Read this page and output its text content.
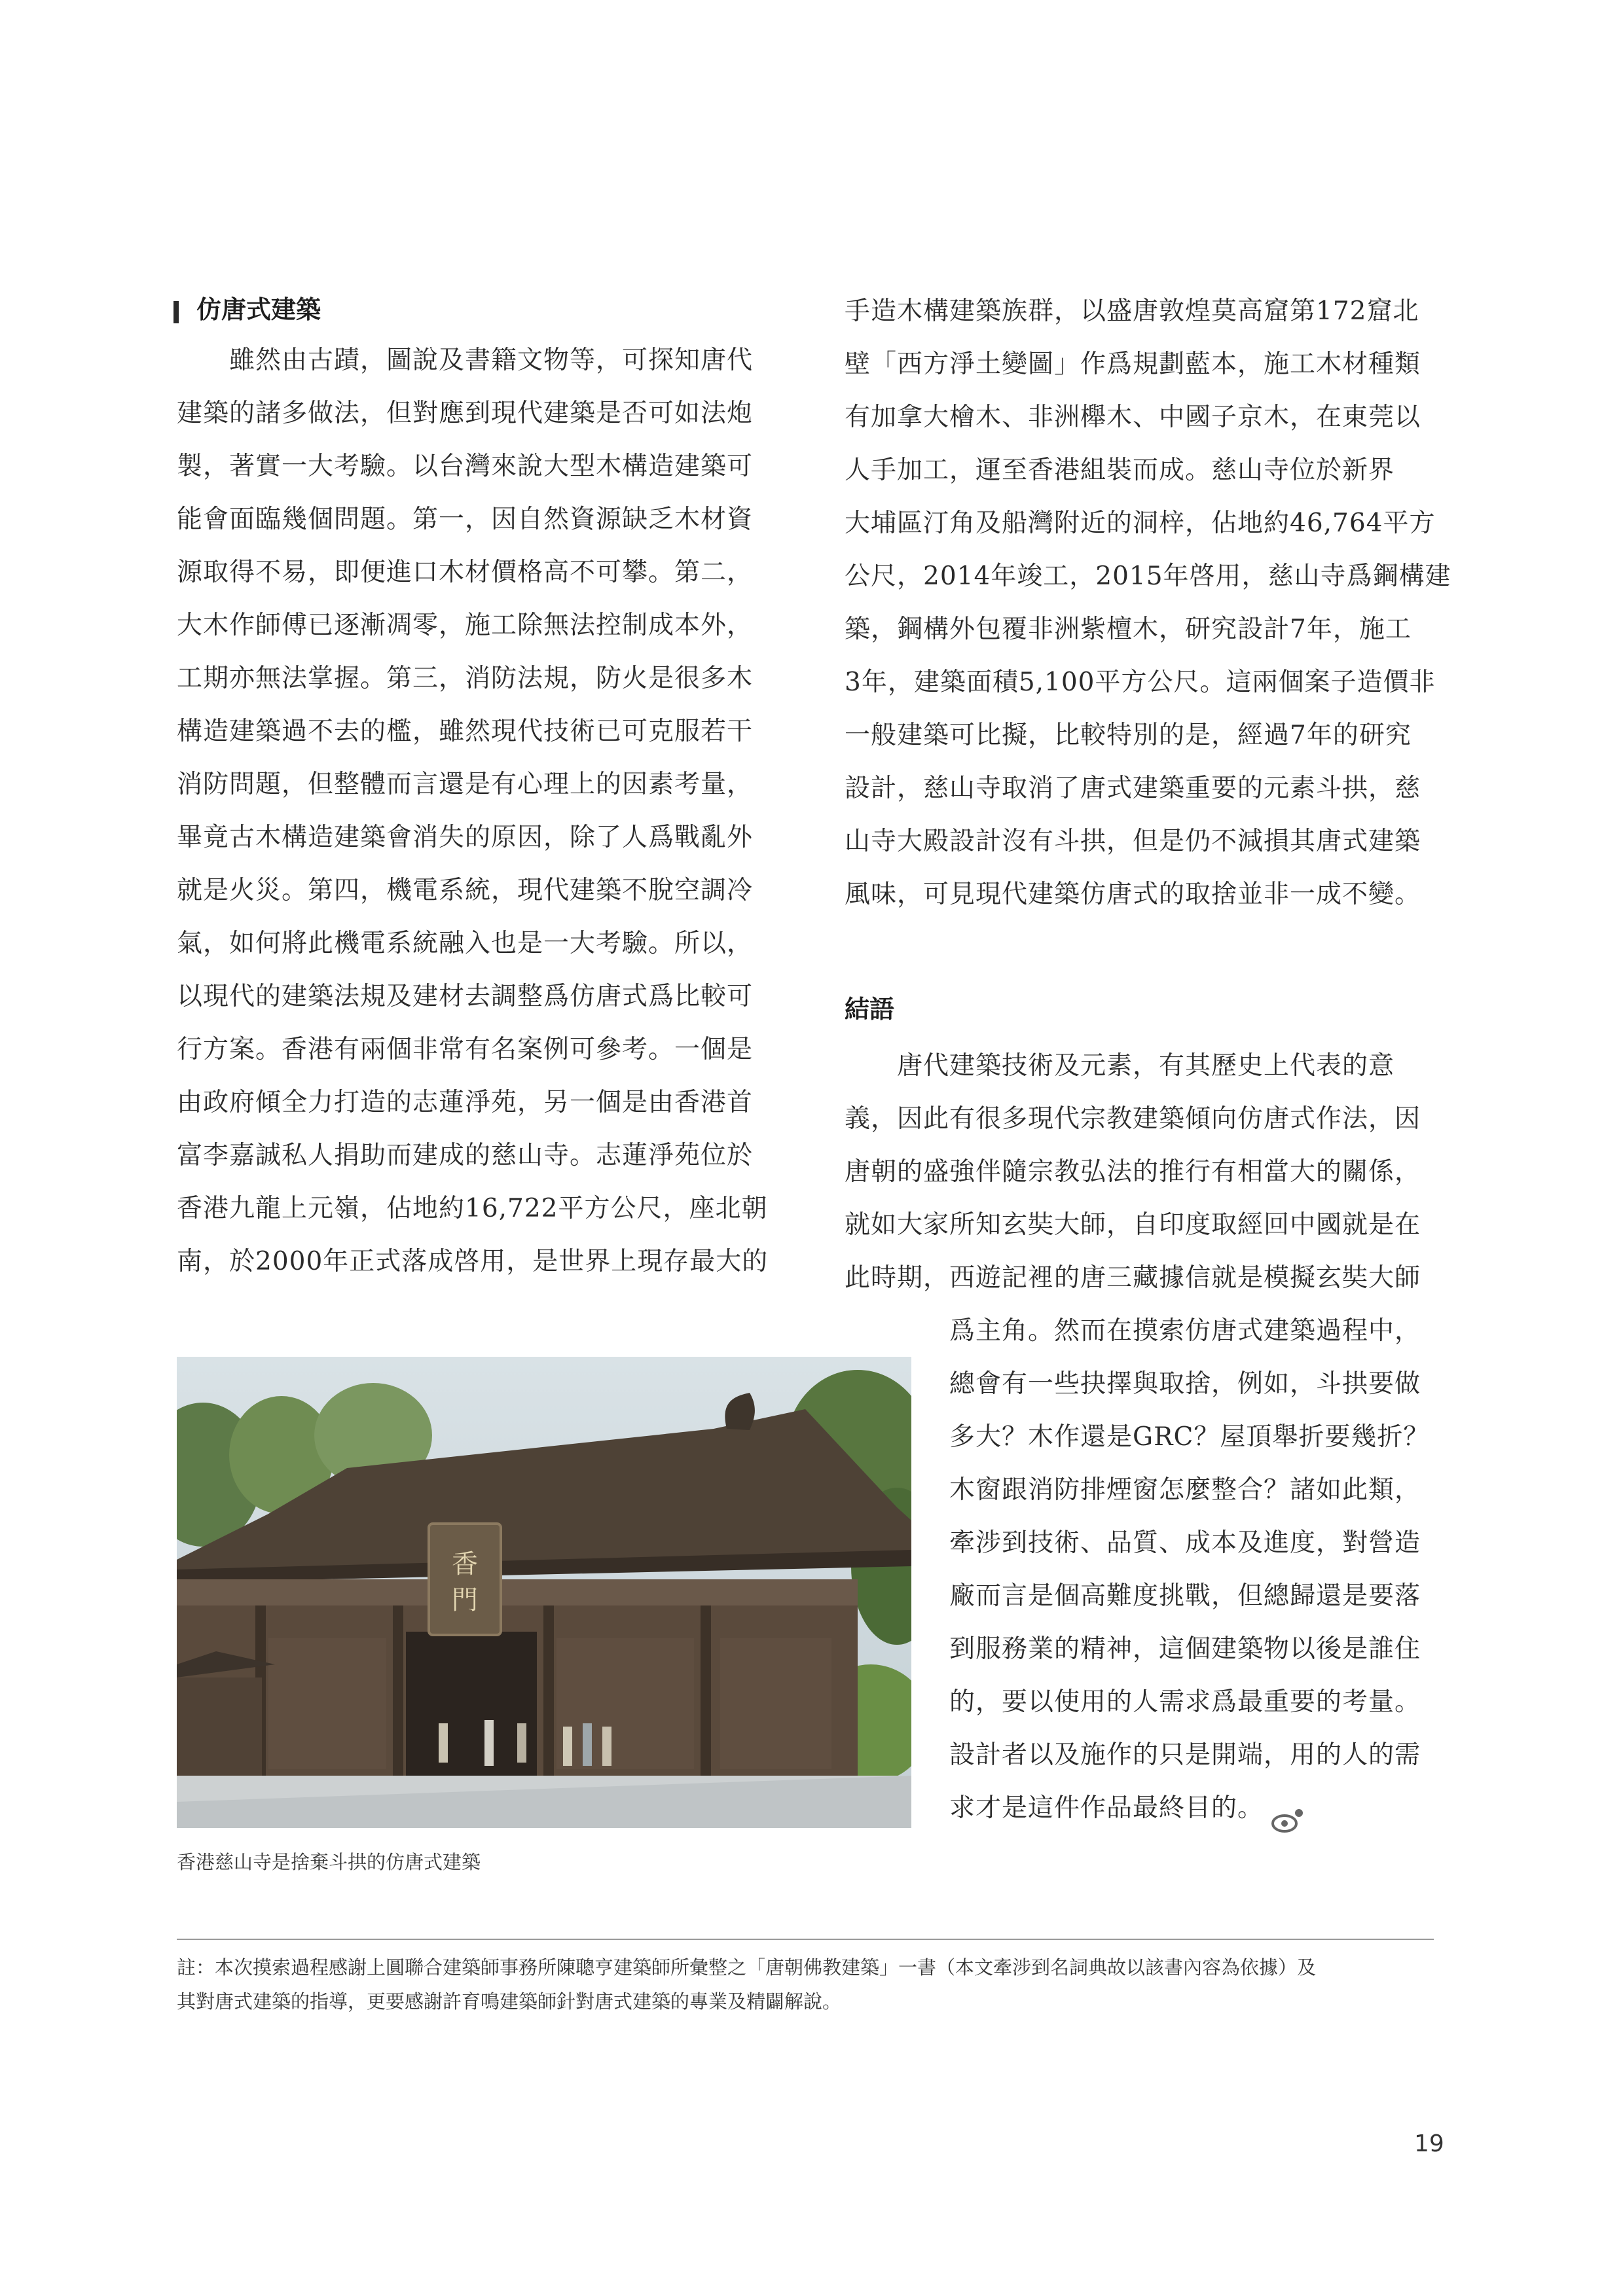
仿唐式建築
　　雖然由古蹟，圖說及書籍文物等，可探知唐代
建築的諸多做法，但對應到現代建築是否可如法炮
製，著實一大考驗。以台灣來說大型木構造建築可
能會面臨幾個問題。第一，因自然資源缺乏木材資
源取得不易，即便進口木材價格高不可攀。第二，
大木作師傅已逐漸凋零，施工除無法控制成本外，
工期亦無法掌握。第三，消防法規，防火是很多木
構造建築過不去的檻，雖然現代技術已可克服若干
消防問題，但整體而言還是有心理上的因素考量，
畢竟古木構造建築會消失的原因，除了人爲戰亂外
就是火災。第四，機電系統，現代建築不脫空調冷
氣，如何將此機電系統融入也是一大考驗。所以，
以現代的建築法規及建材去調整爲仿唐式爲比較可
行方案。香港有兩個非常有名案例可參考。一個是
由政府傾全力打造的志蓮淨苑，另一個是由香港首
富李嘉誠私人捐助而建成的慈山寺。志蓮淨苑位於
香港九龍上元嶺，佔地約16,722平方公尺，座北朝
南，於2000年正式落成啓用，是世界上現存最大的
手造木構建築族群，以盛唐敦煌莫高窟第172窟北
壁「西方淨土變圖」作爲規劃藍本，施工木材種類
有加拿大檜木、非洲櫸木、中國子京木，在東莞以
人手加工，運至香港組裝而成。慈山寺位於新界
大埔區汀角及船灣附近的洞梓，佔地約46,764平方
公尺，2014年竣工，2015年啓用，慈山寺爲鋼構建
築，鋼構外包覆非洲紫檀木，研究設計7年，施工
3年，建築面積5,100平方公尺。這兩個案子造價非
一般建築可比擬，比較特別的是，經過7年的研究
設計，慈山寺取消了唐式建築重要的元素斗拱，慈
山寺大殿設計沒有斗拱，但是仍不減損其唐式建築
風味，可見現代建築仿唐式的取捨並非一成不變。
結語
　　唐代建築技術及元素，有其歷史上代表的意
義，因此有很多現代宗教建築傾向仿唐式作法，因
唐朝的盛強伴隨宗教弘法的推行有相當大的關係，
就如大家所知玄奘大師，自印度取經回中國就是在
此時期，西遊記裡的唐三藏據信就是模擬玄奘大師
爲主角。然而在摸索仿唐式建築過程中，
總會有一些抉擇與取捨，例如，斗拱要做
多大？木作還是GRC？屋頂舉折要幾折？
木窗跟消防排煙窗怎麼整合？諸如此類，
牽涉到技術、品質、成本及進度，對營造
廠而言是個高難度挑戰，但總歸還是要落
到服務業的精神，這個建築物以後是誰住
的，要以使用的人需求爲最重要的考量。
設計者以及施作的只是開端，用的人的需
求才是這件作品最終目的。
香
門
香港慈山寺是捨棄斗拱的仿唐式建築
註：本次摸索過程感謝上圓聯合建築師事務所陳聰亨建築師所彙整之「唐朝佛教建築」一書（本文牽涉到名詞典故以該書內容為依據）及
其對唐式建築的指導，更要感謝許育鳴建築師針對唐式建築的專業及精闢解說。
19
